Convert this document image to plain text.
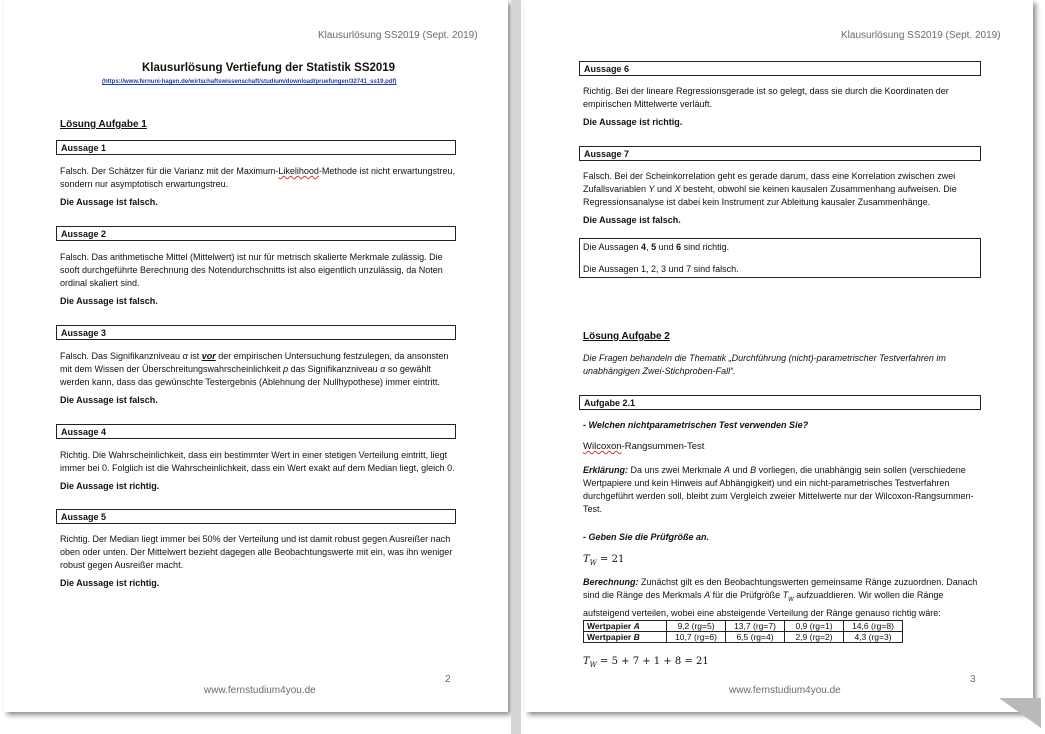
Klausurlösung SS2019 (Sept. 2019)
Klausurlösung Vertiefung der Statistik SS2019
(https://www.fernuni-hagen.de/wirtschaftswissenschaft/studium/download/pruefungen/32741_ss19.pdf)
Lösung Aufgabe 1
Aussage 1
Falsch. Der Schätzer für die Varianz mit der Maximum-Likelihood-Methode ist nicht erwartungstreu, sondern nur asymptotisch erwartungstreu.
Die Aussage ist falsch.
Aussage 2
Falsch. Das arithmetische Mittel (Mittelwert) ist nur für metrisch skalierte Merkmale zulässig. Die sooft durchgeführte Berechnung des Notendurchschnitts ist also eigentlich unzulässig, da Noten ordinal skaliert sind.
Die Aussage ist falsch.
Aussage 3
Falsch. Das Signifikanzniveau α ist vor der empirischen Untersuchung festzulegen, da ansonsten mit dem Wissen der Überschreitungswahrscheinlichkeit p das Signifikanzniveau α so gewählt werden kann, dass das gewünschte Testergebnis (Ablehnung der Nullhypothese) immer eintritt.
Die Aussage ist falsch.
Aussage 4
Richtig. Die Wahrscheinlichkeit, dass ein bestimmter Wert in einer stetigen Verteilung eintritt, liegt immer bei 0. Folglich ist die Wahrscheinlichkeit, dass ein Wert exakt auf dem Median liegt, gleich 0.
Die Aussage ist richtig.
Aussage 5
Richtig. Der Median liegt immer bei 50% der Verteilung und ist damit robust gegen Ausreißer nach oben oder unten. Der Mittelwert bezieht dagegen alle Beobachtungswerte mit ein, was ihn weniger robust gegen Ausreißer macht.
Die Aussage ist richtig.
2
www.fernstudium4you.de
Klausurlösung SS2019 (Sept. 2019)
Aussage 6
Richtig. Bei der lineare Regressionsgerade ist so gelegt, dass sie durch die Koordinaten der empirischen Mittelwerte verläuft.
Die Aussage ist richtig.
Aussage 7
Falsch. Bei der Scheinkorrelation geht es gerade darum, dass eine Korrelation zwischen zwei Zufallsvariablen Y und X besteht, obwohl sie keinen kausalen Zusammenhang aufweisen. Die Regressionsanalyse ist dabei kein Instrument zur Ableitung kausaler Zusammenhänge.
Die Aussage ist falsch.
Die Aussagen 4, 5 und 6 sind richtig.
Die Aussagen 1, 2, 3 und 7 sind falsch.
Lösung Aufgabe 2
Die Fragen behandeln die Thematik „Durchführung (nicht)-parametrischer Testverfahren im unabhängigen Zwei-Stichproben-Fall“.
Aufgabe 2.1
- Welchen nichtparametrischen Test verwenden Sie?
Wilcoxon-Rangsummen-Test
Erklärung: Da uns zwei Merkmale A und B vorliegen, die unabhängig sein sollen (verschiedene Wertpapiere und kein Hinweis auf Abhängigkeit) und ein nicht-parametrisches Testverfahren durchgeführt werden soll, bleibt zum Vergleich zweier Mittelwerte nur der Wilcoxon-Rangsummen-Test.
- Geben Sie die Prüfgröße an.
$T_W = 21$
Berechnung: Zunächst gilt es den Beobachtungswerten gemeinsame Ränge zuzuordnen. Danach sind die Ränge des Merkmals A für die Prüfgröße $T_W$ aufzuaddieren. Wir wollen die Ränge aufsteigend verteilen, wobei eine absteigende Verteilung der Ränge genauso richtig wäre:
Wertpapier A	9,2 (rg=5)	13,7 (rg=7)	0,9 (rg=1)	14,6 (rg=8)
Wertpapier B	10,7 (rg=6)	6,5 (rg=4)	2,9 (rg=2)	4,3 (rg=3)
$T_W = 5 + 7 + 1 + 8 = 21$
3
www.fernstudium4you.de
